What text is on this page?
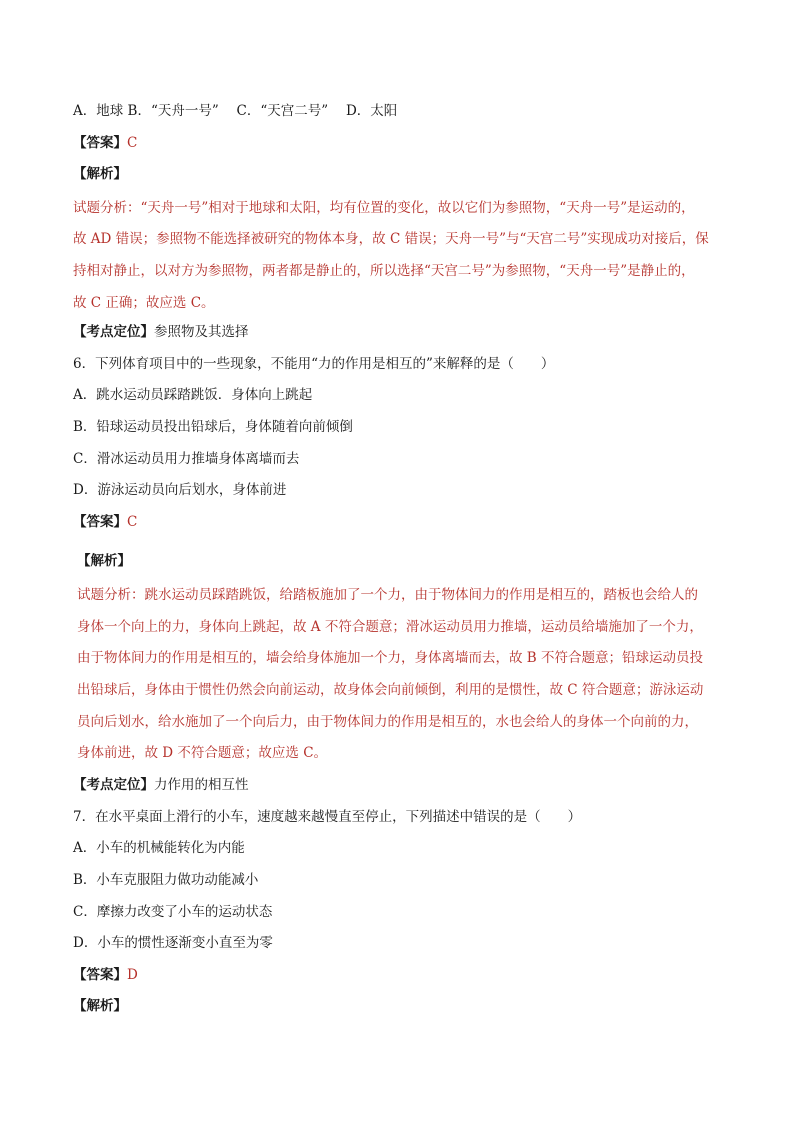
A．地球 B．“天舟一号”　 C．“天宫二号”　 D．太阳
【答案】C
【解析】
试题分析：“天舟一号”相对于地球和太阳，均有位置的变化，故以它们为参照物，“天舟一号”是运动的，
故 AD 错误；参照物不能选择被研究的物体本身，故 C 错误；天舟一号”与“天宫二号”实现成功对接后，保
持相对静止，以对方为参照物，两者都是静止的，所以选择“天宫二号”为参照物，“天舟一号”是静止的，
故 C 正确；故应选 C。
【考点定位】参照物及其选择
6．下列体育项目中的一些现象，不能用“力的作用是相互的”来解释的是（　　）
A．跳水运动员踩踏跳饭．身体向上跳起
B．铅球运动员投出铅球后，身体随着向前倾倒
C．滑冰运动员用力推墙身体离墙而去
D．游泳运动员向后划水，身体前进
【答案】C
【解析】
试题分析：跳水运动员踩踏跳饭，给踏板施加了一个力，由于物体间力的作用是相互的，踏板也会给人的
身体一个向上的力，身体向上跳起，故 A 不符合题意；滑冰运动员用力推墙，运动员给墙施加了一个力，
由于物体间力的作用是相互的，墙会给身体施加一个力，身体离墙而去，故 B 不符合题意；铅球运动员投
出铅球后，身体由于惯性仍然会向前运动，故身体会向前倾倒，利用的是惯性，故 C 符合题意；游泳运动
员向后划水，给水施加了一个向后力，由于物体间力的作用是相互的，水也会给人的身体一个向前的力，
身体前进，故 D 不符合题意；故应选 C。
【考点定位】力作用的相互性
7．在水平桌面上滑行的小车，速度越来越慢直至停止，下列描述中错误的是（　　）
A．小车的机械能转化为内能
B．小车克服阻力做功动能减小
C．摩擦力改变了小车的运动状态
D．小车的惯性逐渐变小直至为零
【答案】D
【解析】
